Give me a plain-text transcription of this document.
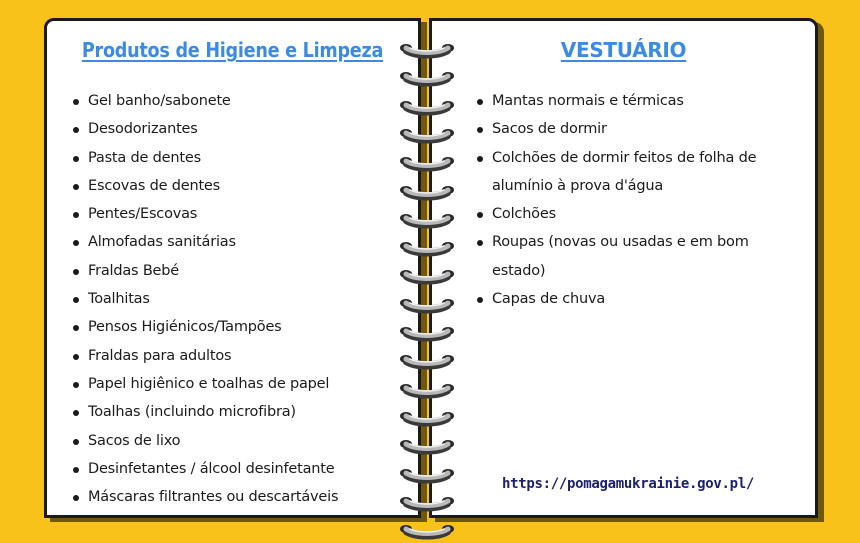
Produtos de Higiene e Limpeza
Gel banho/sabonete
Desodorizantes
Pasta de dentes
Escovas de dentes
Pentes/Escovas
Almofadas sanitárias
Fraldas Bebé
Toalhitas
Pensos Higiénicos/Tampões
Fraldas para adultos
Papel higiênico e toalhas de papel
Toalhas (incluindo microfibra)
Sacos de lixo
Desinfetantes / álcool desinfetante
Máscaras filtrantes ou descartáveis
VESTUÁRIO
Mantas normais e térmicas
Sacos de dormir
Colchões de dormir feitos de folha de alumínio à prova d'água
Colchões
Roupas (novas ou usadas e em bom estado)
Capas de chuva
https://pomagamukrainie.gov.pl/
